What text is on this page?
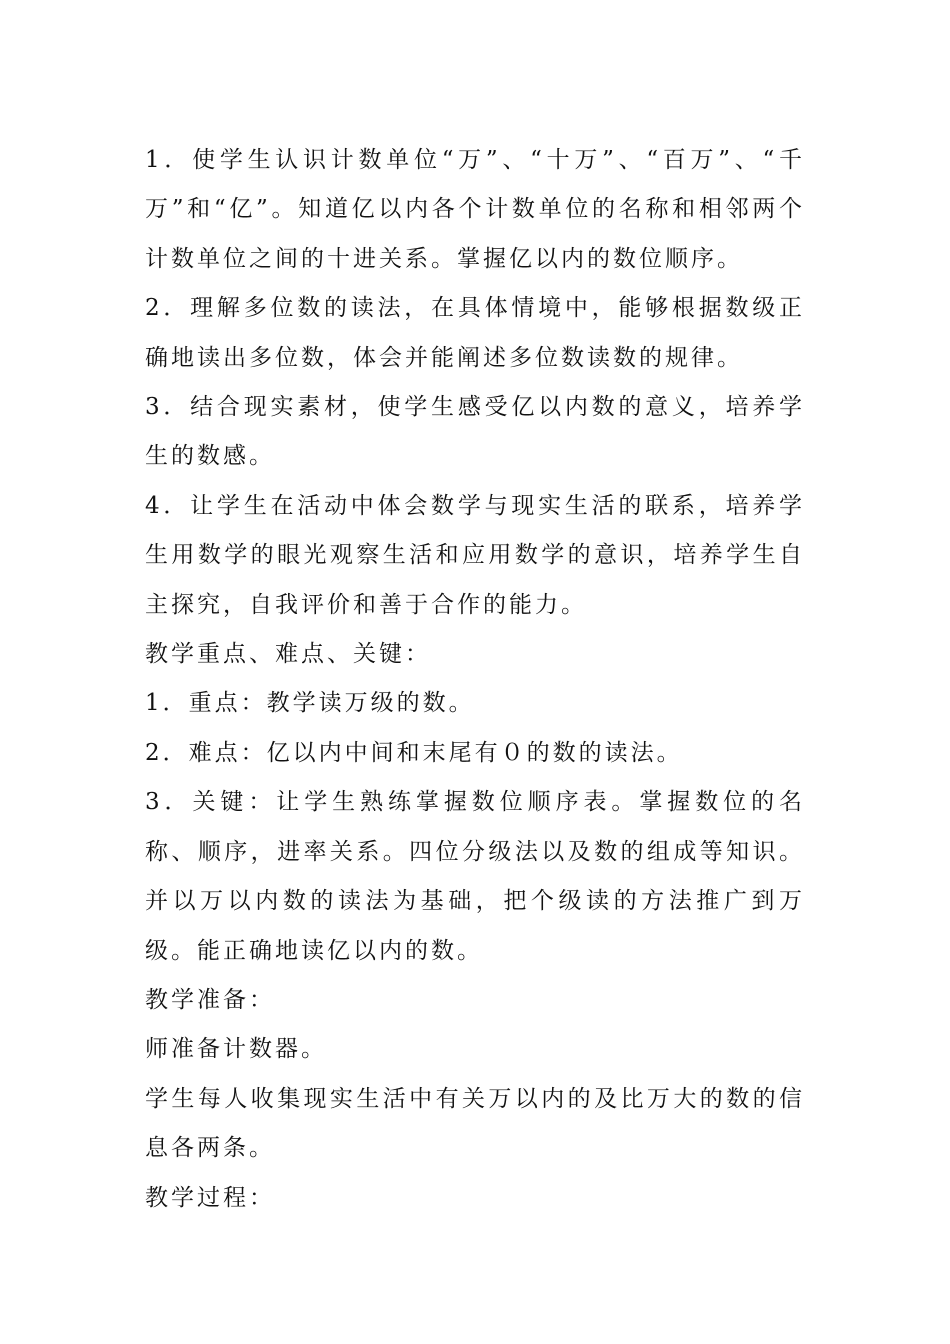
1．使学生认识计数单位“万”、“十万”、“百万”、“千万”和“亿”。知道亿以内各个计数单位的名称和相邻两个计数单位之间的十进关系。掌握亿以内的数位顺序。

2．理解多位数的读法，在具体情境中，能够根据数级正确地读出多位数，体会并能阐述多位数读数的规律。

3．结合现实素材，使学生感受亿以内数的意义，培养学生的数感。

4．让学生在活动中体会数学与现实生活的联系，培养学生用数学的眼光观察生活和应用数学的意识，培养学生自主探究，自我评价和善于合作的能力。

教学重点、难点、关键：

1．重点：教学读万级的数。

2．难点：亿以内中间和末尾有０的数的读法。

3．关键：让学生熟练掌握数位顺序表。掌握数位的名称、顺序，进率关系。四位分级法以及数的组成等知识。并以万以内数的读法为基础，把个级读的方法推广到万级。能正确地读亿以内的数。

教学准备：

师准备计数器。

学生每人收集现实生活中有关万以内的及比万大的数的信息各两条。

教学过程：
